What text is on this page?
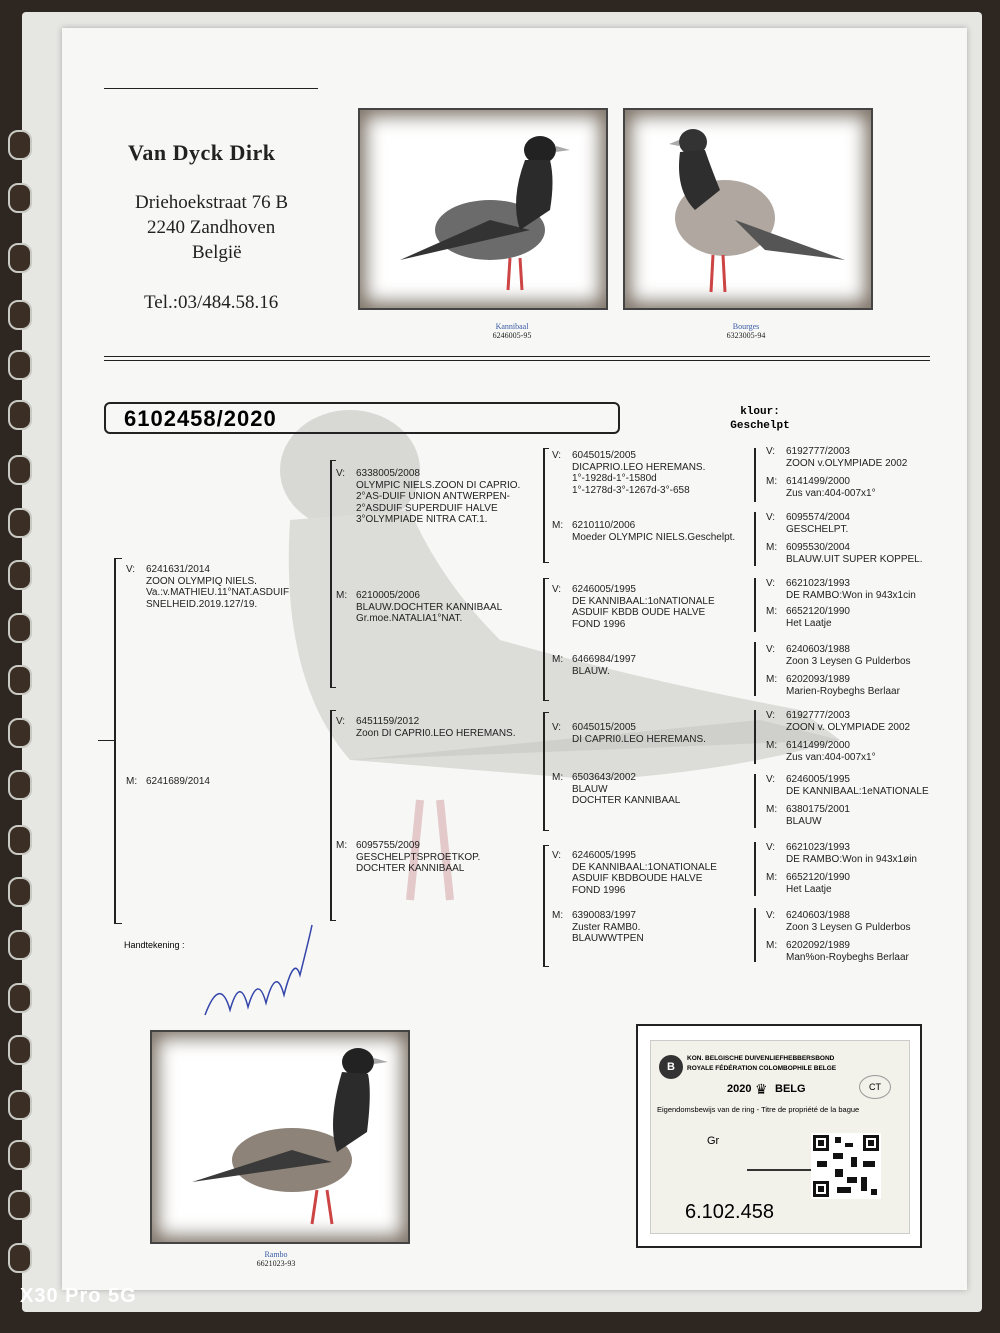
Van Dyck Dirk
Driehoekstraat 76 B
2240 Zandhoven
België
Tel.:03/484.58.16
Kannibaal
6246005-95
Bourges
6323005-94
6102458/2020	klour:
Geschelpt
V: 6241631/2014
ZOON OLYMPIQ NIELS.
Va.:v.MATHIEU.11°NAT.ASDUIF
SNELHEID.2019.127/19.
M: 6241689/2014
V: 6338005/2008
OLYMPIC NIELS.ZOON DI CAPRIO.
2°AS-DUIF UNION ANTWERPEN-
2°ASDUIF SUPERDUIF HALVE
3°OLYMPIADE NITRA CAT.1.
M: 6210005/2006
BLAUW.DOCHTER KANNIBAAL
Gr.moe.NATALIA1°NAT.
V: 6451159/2012
Zoon DI CAPRI0.LEO HEREMANS.
M: 6095755/2009
GESCHELPTSPROETKOP.
DOCHTER KANNIBAAL
V: 6045015/2005
DICAPRIO.LEO HEREMANS.
1°-1928d-1°-1580d
1°-1278d-3°-1267d-3°-658
M: 6210110/2006
Moeder OLYMPIC NIELS.Geschelpt.
V: 6246005/1995
DE KANNIBAAL:1oNATIONALE
ASDUIF KBDB OUDE HALVE
FOND 1996
M: 6466984/1997
BLAUW.
V: 6045015/2005
DI CAPRI0.LEO HEREMANS.
M: 6503643/2002
BLAUW
DOCHTER KANNIBAAL
V: 6246005/1995
DE KANNIBAAL:1ONATIONALE
ASDUIF KBDBOUDE HALVE
FOND 1996
M: 6390083/1997
Zuster RAMB0.
BLAUWWTPEN
V: 6192777/2003
ZOON v.OLYMPIADE 2002
M: 6141499/2000
Zus van:404-007x1°
V: 6095574/2004
GESCHELPT.
M: 6095530/2004
BLAUW.UIT SUPER KOPPEL.
V: 6621023/1993
DE RAMBO:Won in 943x1cin
M: 6652120/1990
Het Laatje
V: 6240603/1988
Zoon 3 Leysen G Pulderbos
M: 6202093/1989
Marien-Roybeghs Berlaar
V: 6192777/2003
ZOON v. OLYMPIADE 2002
M: 6141499/2000
Zus van:404-007x1°
V: 6246005/1995
DE KANNIBAAL:1eNATIONALE
M: 6380175/2001
BLAUW
V: 6621023/1993
DE RAMBO:Won in 943x1øin
M: 6652120/1990
Het Laatje
V: 6240603/1988
Zoon 3 Leysen G Pulderbos
M: 6202092/1989
Man%on-Roybeghs Berlaar
Handtekening :
Rambo
6621023-93
B
KON. BELGISCHE DUIVENLIEFHEBBERSBOND
ROYALE FÉDÉRATION COLOMBOPHILE BELGE
2020 ♛ BELG	CT
Eigendomsbewijs van de ring - Titre de propriété de la bague
Gr
6.102.458
X30 Pro 5G
